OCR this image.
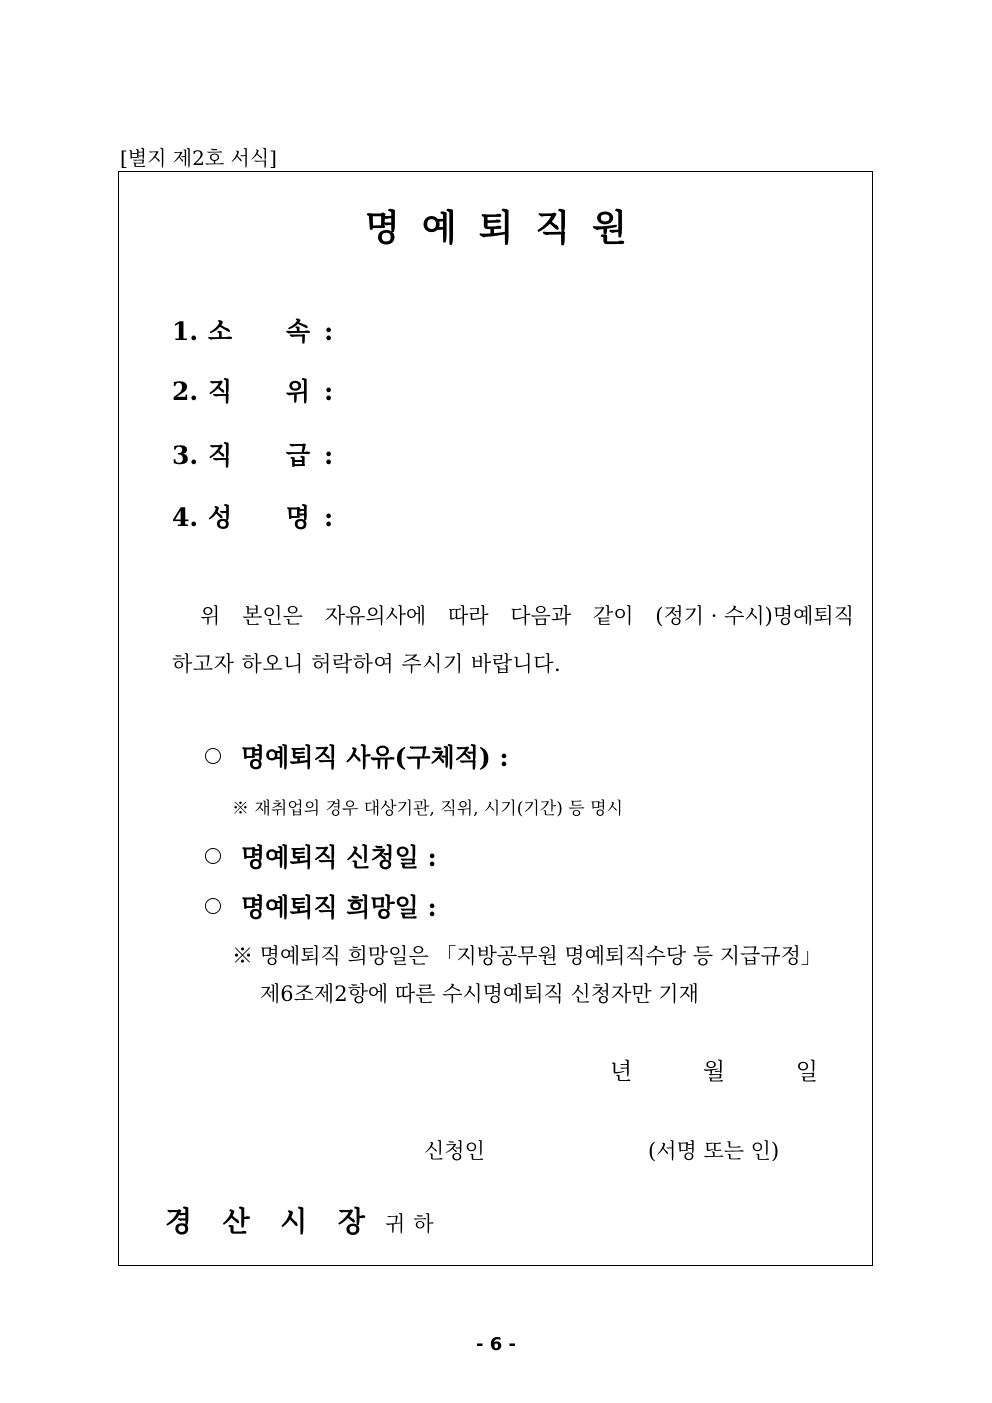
[별지 제2호 서식]
명예퇴직원
1. 소 속 :
2. 직 위 :
3. 직 급 :
4. 성 명 :
위 본인은 자유의사에 따라 다음과 같이 (정기 · 수시)명예퇴직
하고자 하오니 허락하여 주시기 바랍니다.
명예퇴직 사유(구체적) :
※ 재취업의 경우 대상기관, 직위, 시기(기간) 등 명시
명예퇴직 신청일 :
명예퇴직 희망일 :
※ 명예퇴직 희망일은 「지방공무원 명예퇴직수당 등 지급규정」
제6조제2항에 따른 수시명예퇴직 신청자만 기재
년	월	일
신청인	(서명 또는 인)
경 산 시 장 귀하
- 6 -
